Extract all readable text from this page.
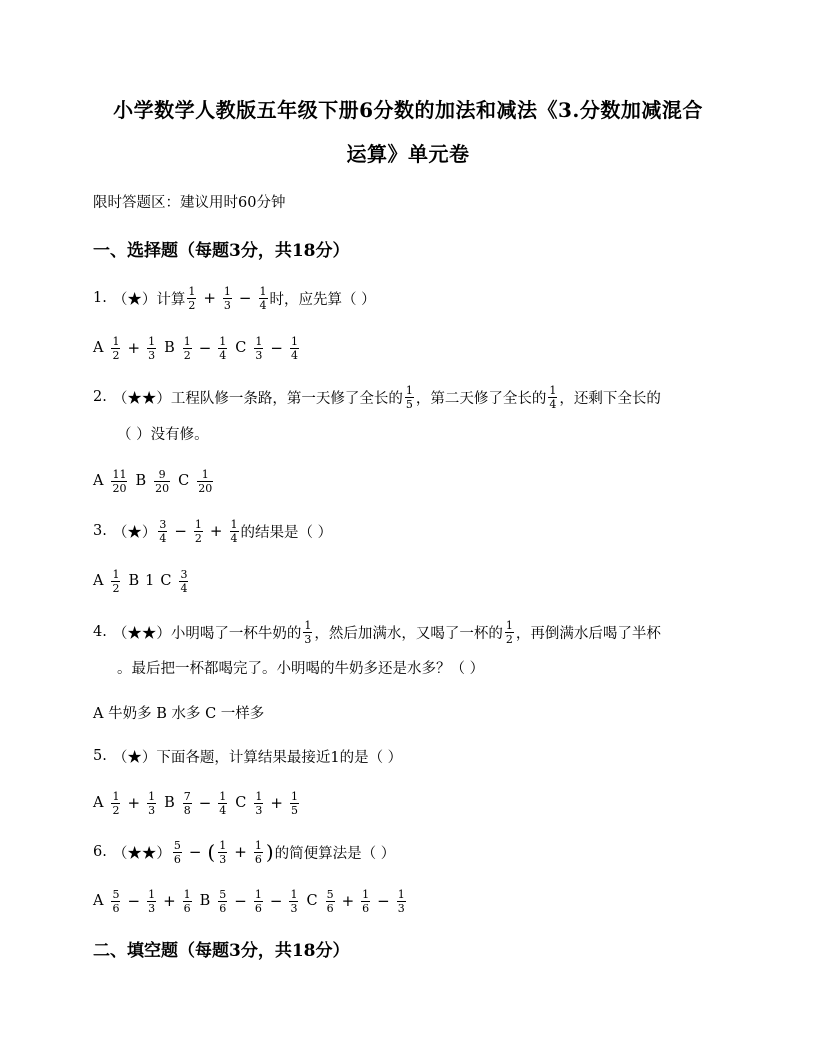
小学数学人教版五年级下册6分数的加法和减法《3.分数加减混合
运算》单元卷
限时答题区：建议用时60分钟
一、选择题（每题3分，共18分）
1. （★） 计算 $\frac{1}{2} + \frac{1}{3} - \frac{1}{4}$ 时，应先算（ ）
A $\frac{1}{2} + \frac{1}{3}$ B $\frac{1}{2} - \frac{1}{4}$ C $\frac{1}{3} - \frac{1}{4}$
2. （★★） 工程队修一条路，第一天修了全长的 $\frac{1}{5}$ ，第二天修了全长的 $\frac{1}{4}$ ，还剩下全长的
（ ）没有修。
A $\frac{11}{20}$ B $\frac{9}{20}$ C $\frac{1}{20}$
3. （★） $\frac{3}{4} - \frac{1}{2} + \frac{1}{4}$ 的结果是（ ）
A $\frac{1}{2}$ B 1 C $\frac{3}{4}$
4. （★★） 小明喝了一杯牛奶的 $\frac{1}{3}$ ，然后加满水，又喝了一杯的 $\frac{1}{2}$ ，再倒满水后喝了半杯
。最后把一杯都喝完了。小明喝的牛奶多还是水多？（ ）
A 牛奶多 B 水多 C 一样多
5. （★） 下面各题，计算结果最接近1的是（ ）
A $\frac{1}{2} + \frac{1}{3}$ B $\frac{7}{8} - \frac{1}{4}$ C $\frac{1}{3} + \frac{1}{5}$
6. （★★） $\frac{5}{6}$ − ( $\frac{1}{3} + \frac{1}{6}$ ) 的简便算法是（ ）
A $\frac{5}{6} - \frac{1}{3} + \frac{1}{6}$ B $\frac{5}{6} - \frac{1}{6} - \frac{1}{3}$ C $\frac{5}{6} + \frac{1}{6} - \frac{1}{3}$
二、填空题（每题3分，共18分）
